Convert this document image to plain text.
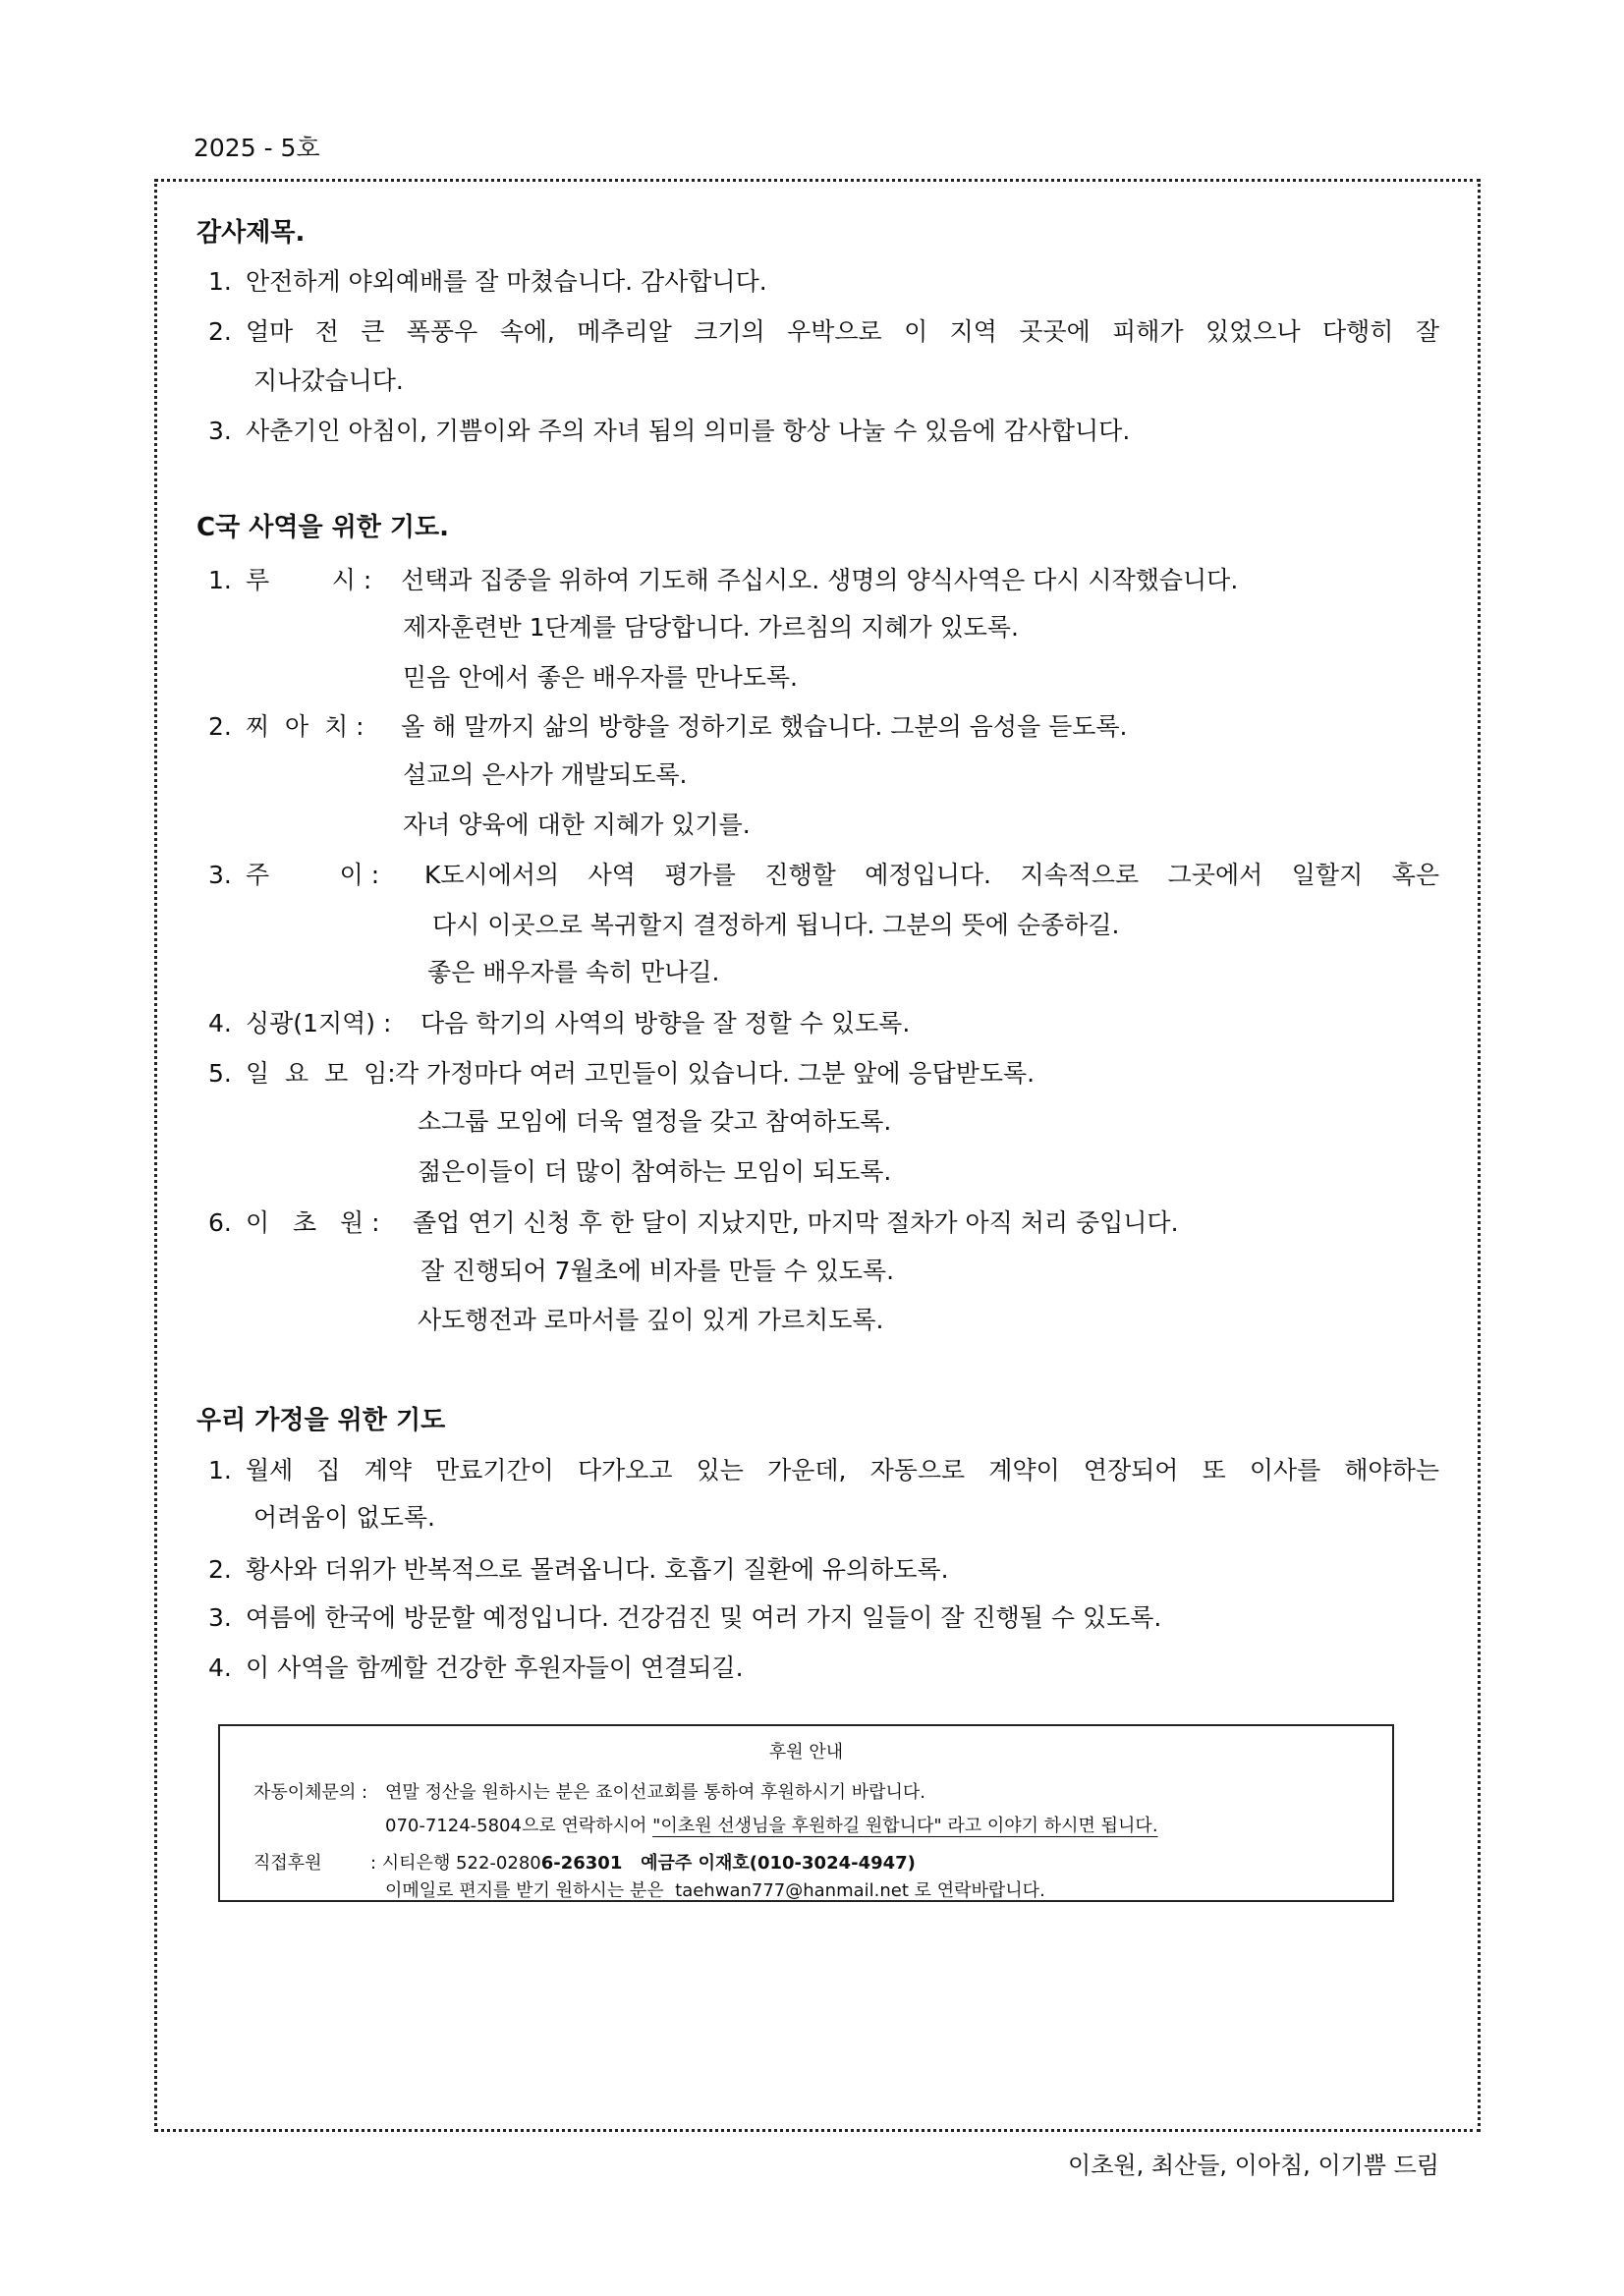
2025 - 5호
감사제목.
1. 안전하게 야외예배를 잘 마쳤습니다. 감사합니다.
2. 얼마 전 큰 폭풍우 속에, 메추리알 크기의 우박으로 이 지역 곳곳에 피해가 있었으나 다행히 잘
지나갔습니다.
3. 사춘기인 아침이, 기쁨이와 주의 자녀 됨의 의미를 항상 나눌 수 있음에 감사합니다.
C국 사역을 위한 기도.
1. 루        시 : 선택과 집중을 위하여 기도해 주십시오. 생명의 양식사역은 다시 시작했습니다.
제자훈련반 1단계를 담당합니다. 가르침의 지혜가 있도록.
믿음 안에서 좋은 배우자를 만나도록.
2. 찌  아  치 : 올 해 말까지 삶의 방향을 정하기로 했습니다. 그분의 음성을 듣도록.
설교의 은사가 개발되도록.
자녀 양육에 대한 지혜가 있기를.
3. 주         이 : K도시에서의 사역 평가를 진행할 예정입니다. 지속적으로 그곳에서 일할지 혹은
다시 이곳으로 복귀할지 결정하게 됩니다. 그분의 뜻에 순종하길.
좋은 배우자를 속히 만나길.
4. 싱광(1지역) : 다음 학기의 사역의 방향을 잘 정할 수 있도록.
5. 일  요  모  임: 각 가정마다 여러 고민들이 있습니다. 그분 앞에 응답받도록.
소그룹 모임에 더욱 열정을 갖고 참여하도록.
젊은이들이 더 많이 참여하는 모임이 되도록.
6. 이   초   원 : 졸업 연기 신청 후 한 달이 지났지만, 마지막 절차가 아직 처리 중입니다.
잘 진행되어 7월초에 비자를 만들 수 있도록.
사도행전과 로마서를 깊이 있게 가르치도록.
우리 가정을 위한 기도
1. 월세 집 계약 만료기간이 다가오고 있는 가운데, 자동으로 계약이 연장되어 또 이사를 해야하는
어려움이 없도록.
2. 황사와 더위가 반복적으로 몰려옵니다. 호흡기 질환에 유의하도록.
3. 여름에 한국에 방문할 예정입니다. 건강검진 및 여러 가지 일들이 잘 진행될 수 있도록.
4. 이 사역을 함께할 건강한 후원자들이 연결되길.
후원 안내
자동이체문의 : 연말 정산을 원하시는 분은 죠이선교회를 통하여 후원하시기 바랍니다.
070-7124-5804으로 연락하시어 "이초원 선생님을 후원하길 원합니다" 라고 이야기 하시면 됩니다.
직접후원	: 시티은행 522-02806-26301   예금주 이재호(010-3024-4947)
이메일로 편지를 받기 원하시는 분은  taehwan777@hanmail.net 로 연락바랍니다.
이초원, 최산들, 이아침, 이기쁨 드림
